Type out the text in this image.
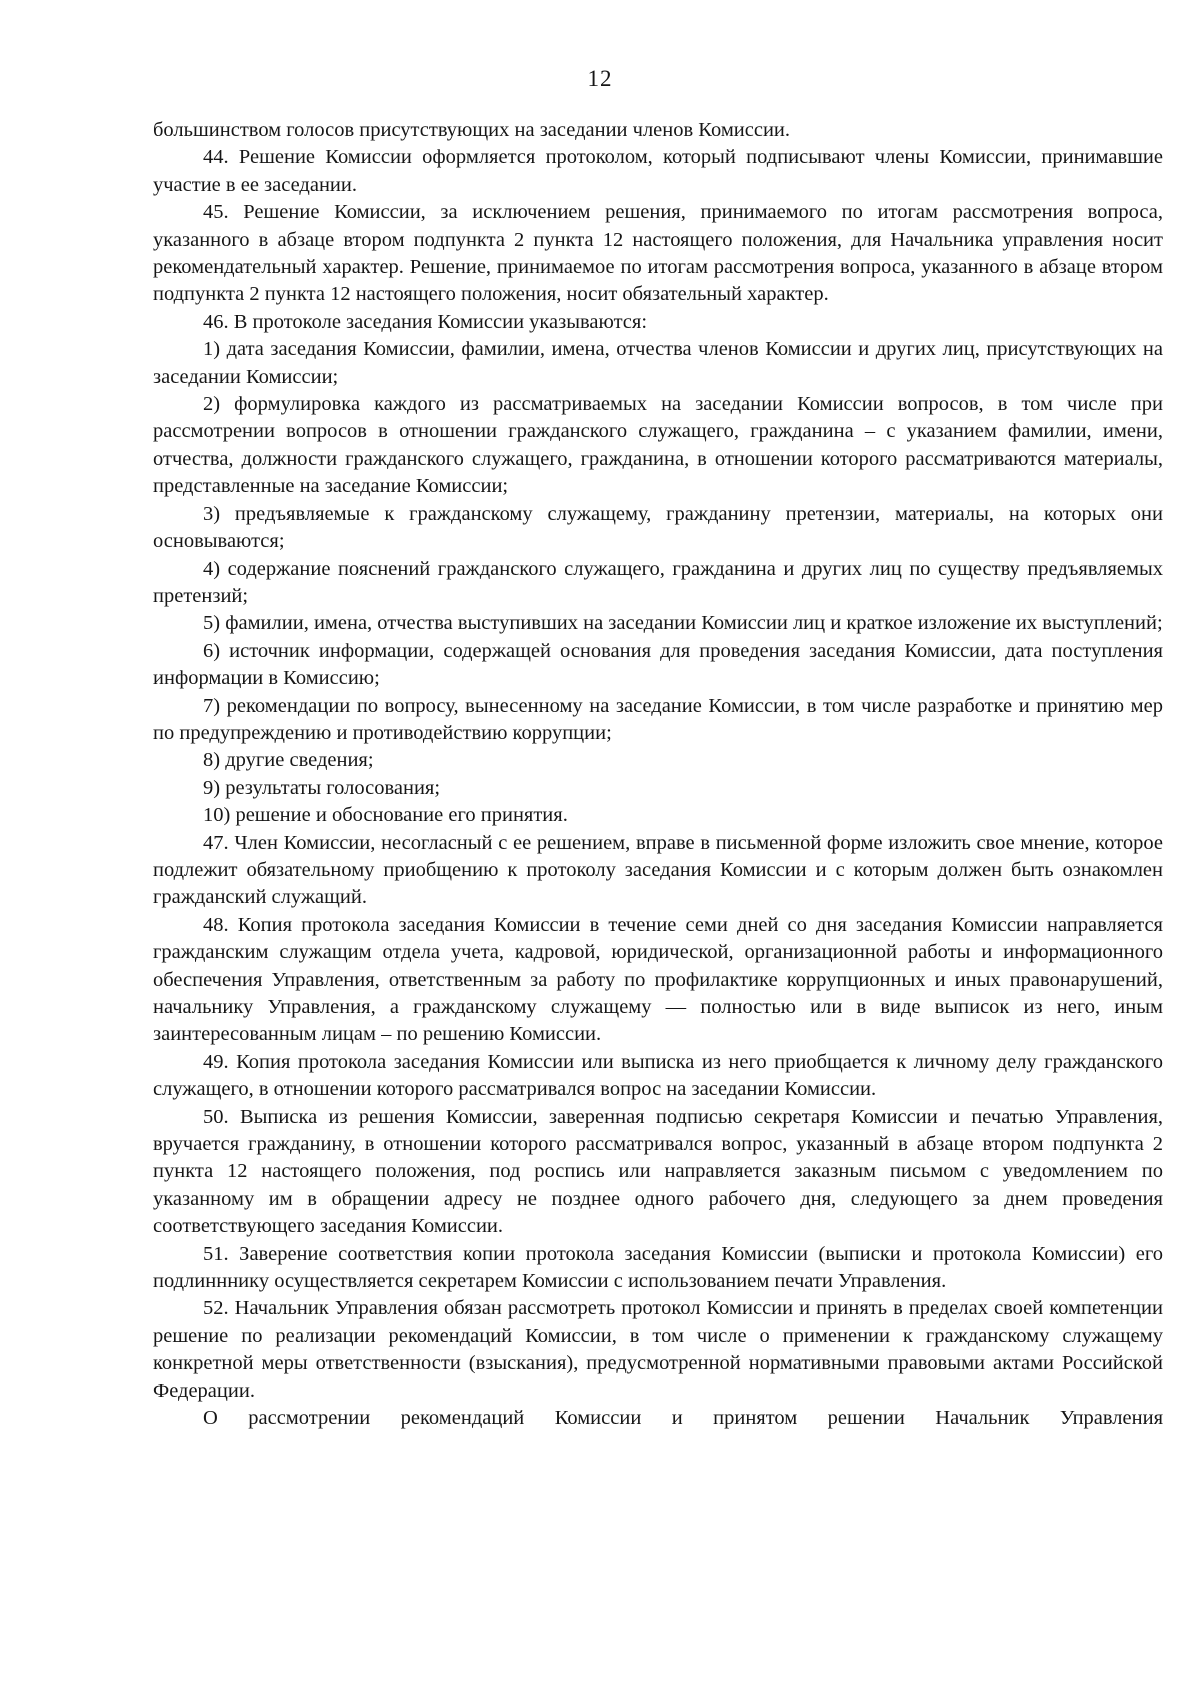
12

большинством голосов присутствующих на заседании членов Комиссии.

44. Решение Комиссии оформляется протоколом, который подписывают члены Комиссии, принимавшие участие в ее заседании.

45. Решение Комиссии, за исключением решения, принимаемого по итогам рассмотрения вопроса, указанного в абзаце втором подпункта 2 пункта 12 настоящего положения, для Начальника управления носит рекомендательный характер. Решение, принимаемое по итогам рассмотрения вопроса, указанного в абзаце втором подпункта 2 пункта 12 настоящего положения, носит обязательный характер.

46. В протоколе заседания Комиссии указываются:

1) дата заседания Комиссии, фамилии, имена, отчества членов Комиссии и других лиц, присутствующих на заседании Комиссии;

2) формулировка каждого из рассматриваемых на заседании Комиссии вопросов, в том числе при рассмотрении вопросов в отношении гражданского служащего, гражданина – с указанием фамилии, имени, отчества, должности гражданского служащего, гражданина, в отношении которого рассматриваются материалы, представленные на заседание Комиссии;

3) предъявляемые к гражданскому служащему, гражданину претензии, материалы, на которых они основываются;

4) содержание пояснений гражданского служащего, гражданина и других лиц по существу предъявляемых претензий;

5) фамилии, имена, отчества выступивших на заседании Комиссии лиц и краткое изложение их выступлений;

6) источник информации, содержащей основания для проведения заседания Комиссии, дата поступления информации в Комиссию;

7) рекомендации по вопросу, вынесенному на заседание Комиссии, в том числе разработке и принятию мер по предупреждению и противодействию коррупции;

8) другие сведения;

9) результаты голосования;

10) решение и обоснование его принятия.

47. Член Комиссии, несогласный с ее решением, вправе в письменной форме изложить свое мнение, которое подлежит обязательному приобщению к протоколу заседания Комиссии и с которым должен быть ознакомлен гражданский служащий.

48. Копия протокола заседания Комиссии в течение семи дней со дня заседания Комиссии направляется гражданским служащим отдела учета, кадровой, юридической, организационной работы и информационного обеспечения Управления, ответственным за работу по профилактике коррупционных и иных правонарушений, начальнику Управления, а гражданскому служащему — полностью или в виде выписок из него, иным заинтересованным лицам – по решению Комиссии.

49. Копия протокола заседания Комиссии или выписка из него приобщается к личному делу гражданского служащего, в отношении которого рассматривался вопрос на заседании Комиссии.

50. Выписка из решения Комиссии, заверенная подписью секретаря Комиссии и печатью Управления, вручается гражданину, в отношении которого рассматривался вопрос, указанный в абзаце втором подпункта 2 пункта 12 настоящего положения, под роспись или направляется заказным письмом с уведомлением по указанному им в обращении адресу не позднее одного рабочего дня, следующего за днем проведения соответствующего заседания Комиссии.

51. Заверение соответствия копии протокола заседания Комиссии (выписки и протокола Комиссии) его подлинннику осуществляется секретарем Комиссии с использованием печати Управления.

52. Начальник Управления обязан рассмотреть протокол Комиссии и принять в пределах своей компетенции решение по реализации рекомендаций Комиссии, в том числе о применении к гражданскому служащему конкретной меры ответственности (взыскания), предусмотренной нормативными правовыми актами Российской Федерации.

О рассмотрении рекомендаций Комиссии и принятом решении Начальник Управления
